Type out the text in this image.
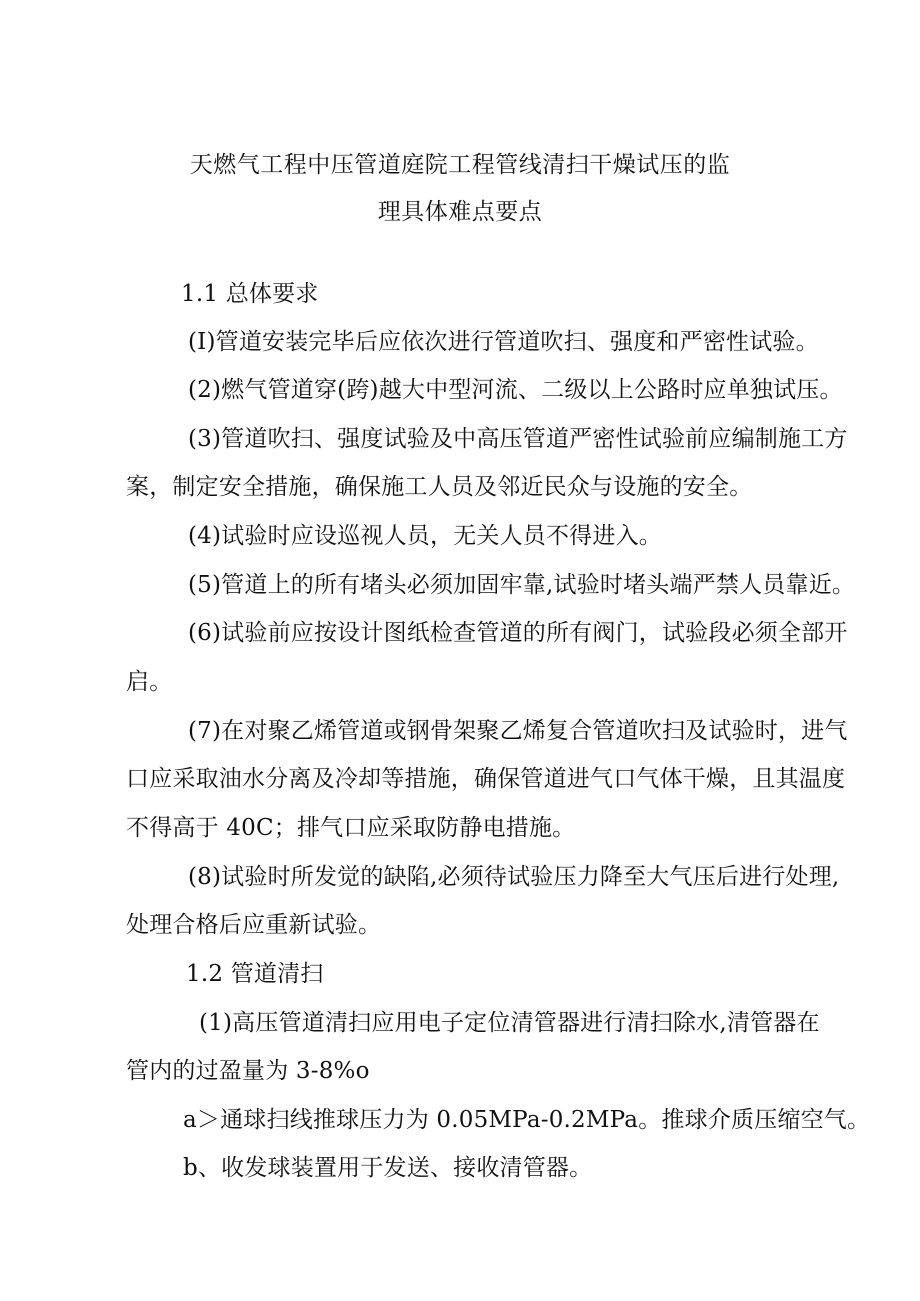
天燃气工程中压管道庭院工程管线清扫干燥试压的监
理具体难点要点
1.1 总体要求
(I)管道安装完毕后应依次进行管道吹扫、强度和严密性试验。
(2)燃气管道穿(跨)越大中型河流、二级以上公路时应单独试压。
(3)管道吹扫、强度试验及中高压管道严密性试验前应编制施工方
案，制定安全措施，确保施工人员及邻近民众与设施的安全。
(4)试验时应设巡视人员，无关人员不得进入。
(5)管道上的所有堵头必须加固牢靠,试验时堵头端严禁人员靠近。
(6)试验前应按设计图纸检查管道的所有阀门，试验段必须全部开
启。
(7)在对聚乙烯管道或钢骨架聚乙烯复合管道吹扫及试验时，进气
口应采取油水分离及冷却等措施，确保管道进气口气体干燥，且其温度
不得高于 40C；排气口应采取防静电措施。
(8)试验时所发觉的缺陷,必须待试验压力降至大气压后进行处理,
处理合格后应重新试验。
1.2 管道清扫
(1)高压管道清扫应用电子定位清管器进行清扫除水,清管器在
管内的过盈量为 3-8%o
a＞通球扫线推球压力为 0.05MPa-0.2MPa。推球介质压缩空气。
b、收发球装置用于发送、接收清管器。
